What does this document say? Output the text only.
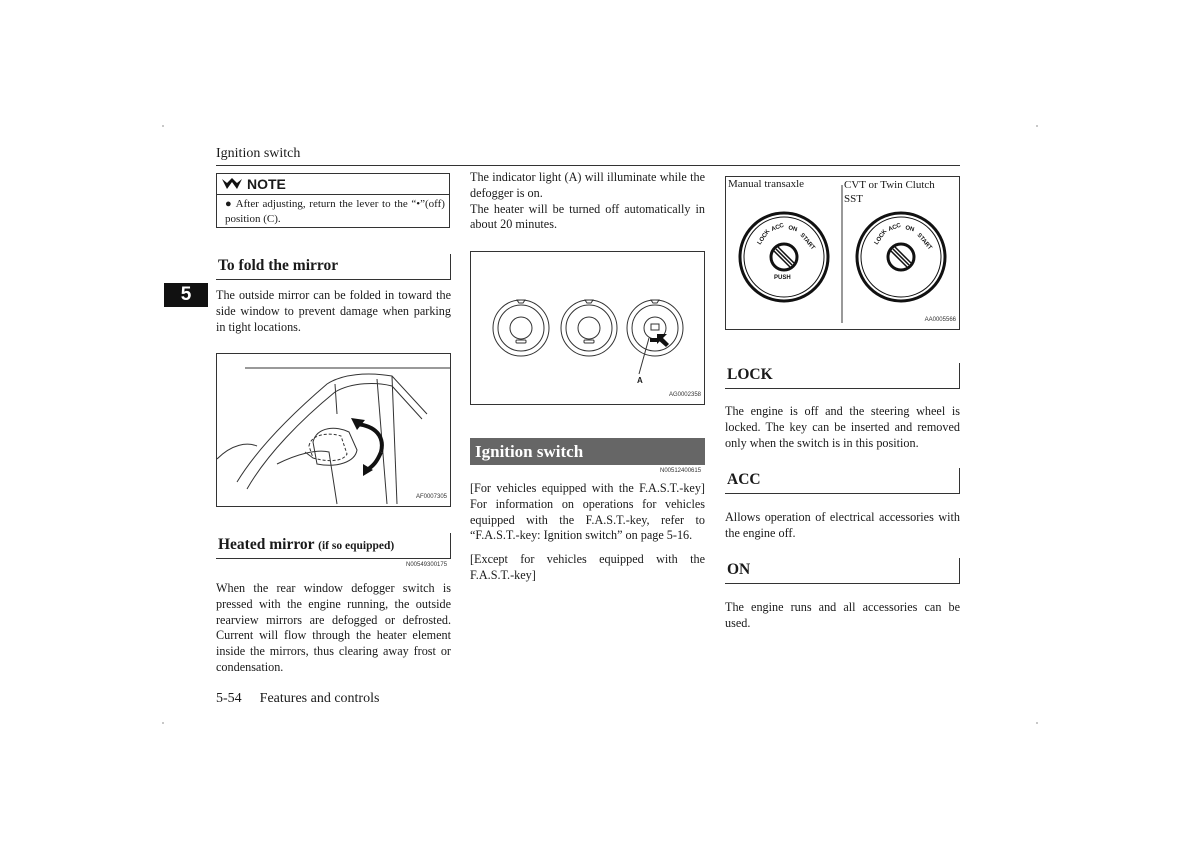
Ignition switch
5
NOTE
● After adjusting, return the lever to the “•”(off) position (C).
To fold the mirror

The outside mirror can be folded in toward the side window to prevent damage when parking in tight locations.

AF0007305
Heated mirror (if so equipped)
N00549300175

When the rear window defogger switch is pressed with the engine running, the outside rearview mirrors are defogged or defrosted. Current will flow through the heater element inside the mirrors, thus clearing away frost or condensation.

The indicator light (A) will illuminate while the defogger is on.

The heater will be turned off automatically in about 20 minutes.

A
AG0002358
Ignition switch
N00512400615

[For vehicles equipped with the F.A.S.T.-key] For information on operations for vehicles equipped with the F.A.S.T.-key, refer to “F.A.S.T.-key: Ignition switch” on page 5-16.

[Except for vehicles equipped with the F.A.S.T.-key]

Manual transaxle	CVT or Twin Clutch
SST
LOCK
ACC ON
START
PUSH
LOCK
ACC ON
START
AA0005566
LOCK

The engine is off and the steering wheel is locked. The key can be inserted and removed only when the switch is in this position.

ACC

Allows operation of electrical accessories with the engine off.

ON

The engine runs and all accessories can be used.

5-54 Features and controls
